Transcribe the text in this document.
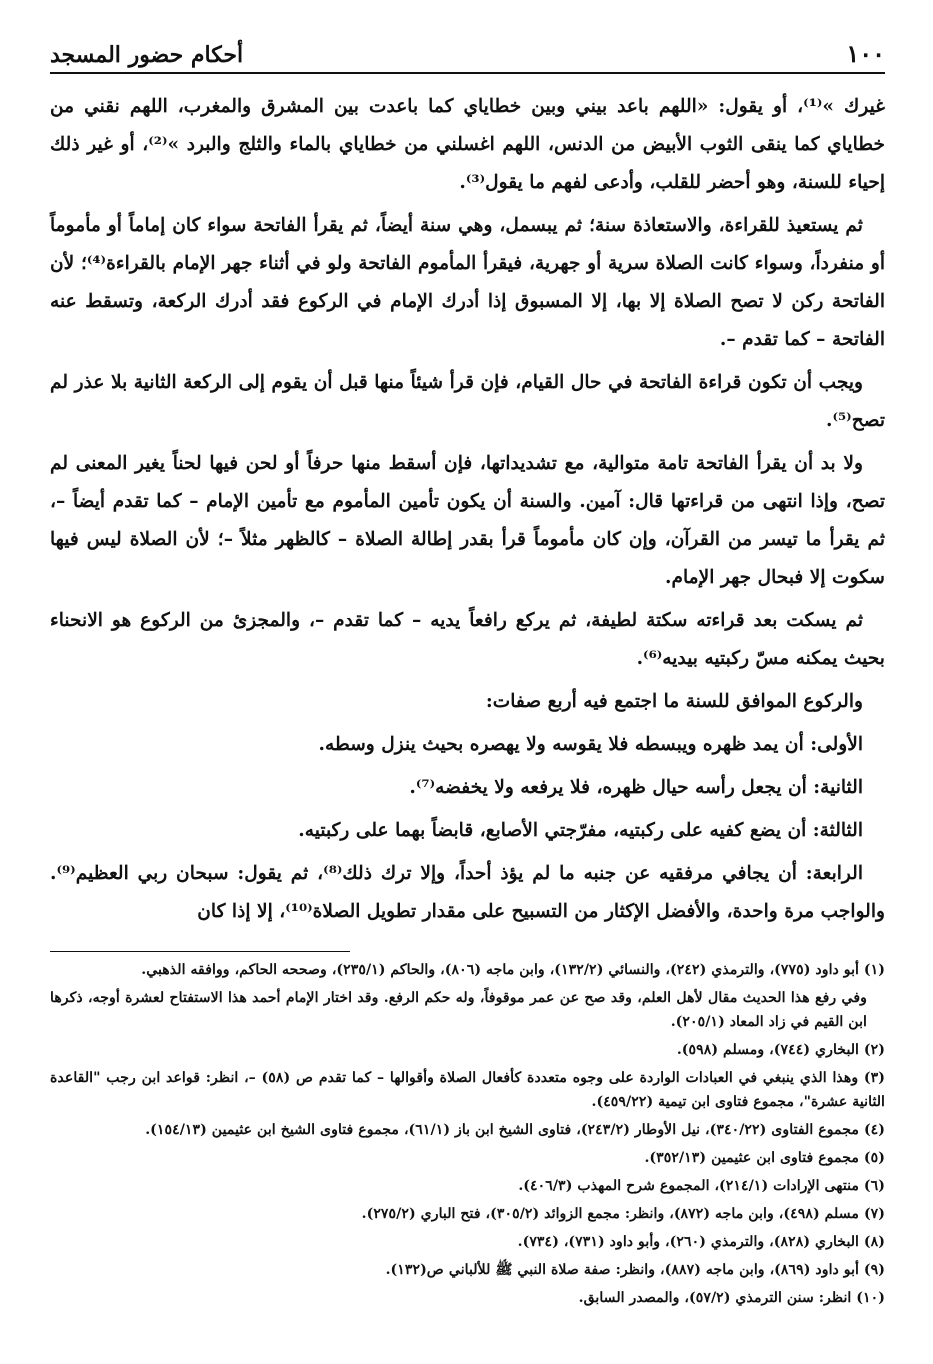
١٠٠
أحكام حضور المسجد

غيرك »⁽¹⁾، أو يقول: «اللهم باعد بيني وبين خطاياي كما باعدت بين المشرق والمغرب، اللهم نقني من خطاياي كما ينقى الثوب الأبيض من الدنس، اللهم اغسلني من خطاياي بالماء والثلج والبرد »⁽²⁾، أو غير ذلك إحياء للسنة، وهو أحضر للقلب، وأدعى لفهم ما يقول⁽³⁾.

ثم يستعيذ للقراءة، والاستعاذة سنة؛ ثم يبسمل، وهي سنة أيضاً، ثم يقرأ الفاتحة سواء كان إماماً أو مأموماً أو منفرداً، وسواء كانت الصلاة سرية أو جهرية، فيقرأ المأموم الفاتحة ولو في أثناء جهر الإمام بالقراءة⁽⁴⁾؛ لأن الفاتحة ركن لا تصح الصلاة إلا بها، إلا المسبوق إذا أدرك الإمام في الركوع فقد أدرك الركعة، وتسقط عنه الفاتحة – كما تقدم –.

ويجب أن تكون قراءة الفاتحة في حال القيام، فإن قرأ شيئاً منها قبل أن يقوم إلى الركعة الثانية بلا عذر لم تصح⁽⁵⁾.

ولا بد أن يقرأ الفاتحة تامة متوالية، مع تشديداتها، فإن أسقط منها حرفاً أو لحن فيها لحناً يغير المعنى لم تصح، وإذا انتهى من قراءتها قال: آمين. والسنة أن يكون تأمين المأموم مع تأمين الإمام – كما تقدم أيضاً –، ثم يقرأ ما تيسر من القرآن، وإن كان مأموماً قرأ بقدر إطالة الصلاة – كالظهر مثلاً –؛ لأن الصلاة ليس فيها سكوت إلا فبحال جهر الإمام.

ثم يسكت بعد قراءته سكتة لطيفة، ثم يركع رافعاً يديه – كما تقدم –، والمجزئ من الركوع هو الانحناء بحيث يمكنه مسّ ركبتيه بيديه⁽⁶⁾.

والركوع الموافق للسنة ما اجتمع فيه أربع صفات:

الأولى: أن يمد ظهره ويبسطه فلا يقوسه ولا يهصره بحيث ينزل وسطه.

الثانية: أن يجعل رأسه حيال ظهره، فلا يرفعه ولا يخفضه⁽⁷⁾.

الثالثة: أن يضع كفيه على ركبتيه، مفرّجتي الأصابع، قابضاً بهما على ركبتيه.

الرابعة: أن يجافي مرفقيه عن جنبه ما لم يؤذ أحداً، وإلا ترك ذلك⁽⁸⁾، ثم يقول: سبحان ربي العظيم⁽⁹⁾. والواجب مرة واحدة، والأفضل الإكثار من التسبيح على مقدار تطويل الصلاة⁽¹⁰⁾، إلا إذا كان

(١) أبو داود (٧٧٥)، والترمذي (٢٤٢)، والنسائي (١٣٢/٢)، وابن ماجه (٨٠٦)، والحاكم (٢٣٥/١)، وصححه الحاكم، ووافقه الذهبي.

وفي رفع هذا الحديث مقال لأهل العلم، وقد صح عن عمر موقوفاً، وله حكم الرفع. وقد اختار الإمام أحمد هذا الاستفتاح لعشرة أوجه، ذكرها ابن القيم في زاد المعاد (٢٠٥/١).

(٢) البخاري (٧٤٤)، ومسلم (٥٩٨).

(٣) وهذا الذي ينبغي في العبادات الواردة على وجوه متعددة كأفعال الصلاة وأقوالها – كما تقدم ص (٥٨) –، انظر: قواعد ابن رجب "القاعدة الثانية عشرة"، مجموع فتاوى ابن تيمية (٤٥٩/٢٢).

(٤) مجموع الفتاوى (٣٤٠/٢٢)، نيل الأوطار (٢٤٣/٢)، فتاوى الشيخ ابن باز (٦١/١)، مجموع فتاوى الشيخ ابن عثيمين (١٥٤/١٣).

(٥) مجموع فتاوى ابن عثيمين (٣٥٢/١٣).

(٦) منتهى الإرادات (٢١٤/١)، المجموع شرح المهذب (٤٠٦/٣).

(٧) مسلم (٤٩٨)، وابن ماجه (٨٧٢)، وانظر: مجمع الزوائد (٣٠٥/٢)، فتح الباري (٢٧٥/٢).

(٨) البخاري (٨٢٨)، والترمذي (٢٦٠)، وأبو داود (٧٣١)، (٧٣٤).

(٩) أبو داود (٨٦٩)، وابن ماجه (٨٨٧)، وانظر: صفة صلاة النبي ﷺ للألباني ص(١٣٢).

(١٠) انظر: سنن الترمذي (٥٧/٢)، والمصدر السابق.
